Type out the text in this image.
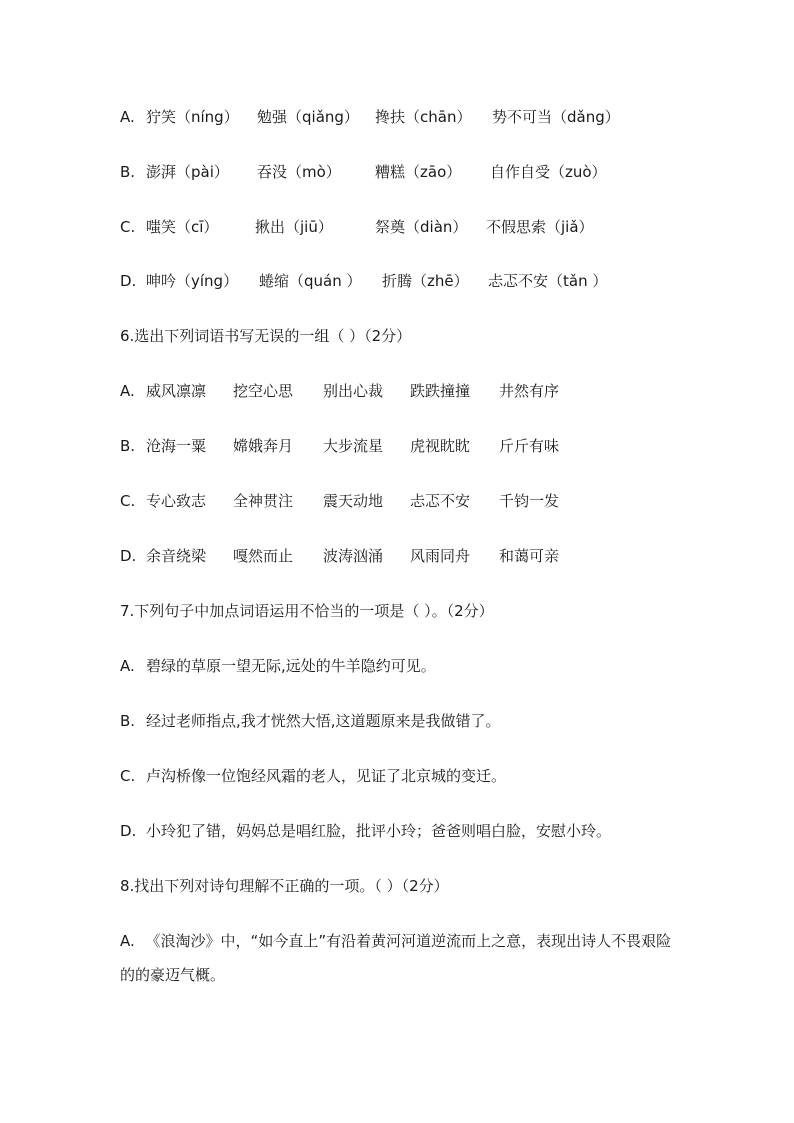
A. 狞笑（níng） 勉强（qiǎng） 搀扶（chān） 势不可当（dǎng）
B. 澎湃（pài） 吞没（mò） 糟糕（zāo） 自作自受（zuò）
C. 嗤笑（cī） 揪出（jiū）	祭奠（diàn） 不假思索（jiǎ）
D. 呻吟（yíng） 蜷缩（quán ） 折腾（zhē） 忐忑不安（tǎn ）
6.选出下列词语书写无误的一组（ ）（2分）
A. 威风凛凛 挖空心思 别出心裁 跌跌撞撞 井然有序
B. 沧海一粟 嫦娥奔月 大步流星 虎视眈眈 斤斤有味
C. 专心致志 全神贯注 震天动地 忐忑不安 千钧一发
D. 余音绕梁 嘎然而止 波涛汹涌 风雨同舟 和蔼可亲
7.下列句子中加点词语运用不恰当的一项是（ ）。（2分）
A. 碧绿的草原一望无际,远处的牛羊隐约可见。
B. 经过老师指点,我才恍然大悟,这道题原来是我做错了。
C. 卢沟桥像一位饱经风霜的老人，见证了北京城的变迁。
D. 小玲犯了错，妈妈总是唱红脸，批评小玲；爸爸则唱白脸，安慰小玲。
8.找出下列对诗句理解不正确的一项。（ ）（2分）
A. 《浪淘沙》中，“如今直上”有沿着黄河河道逆流而上之意，表现出诗人不畏艰险的的豪迈气概。
